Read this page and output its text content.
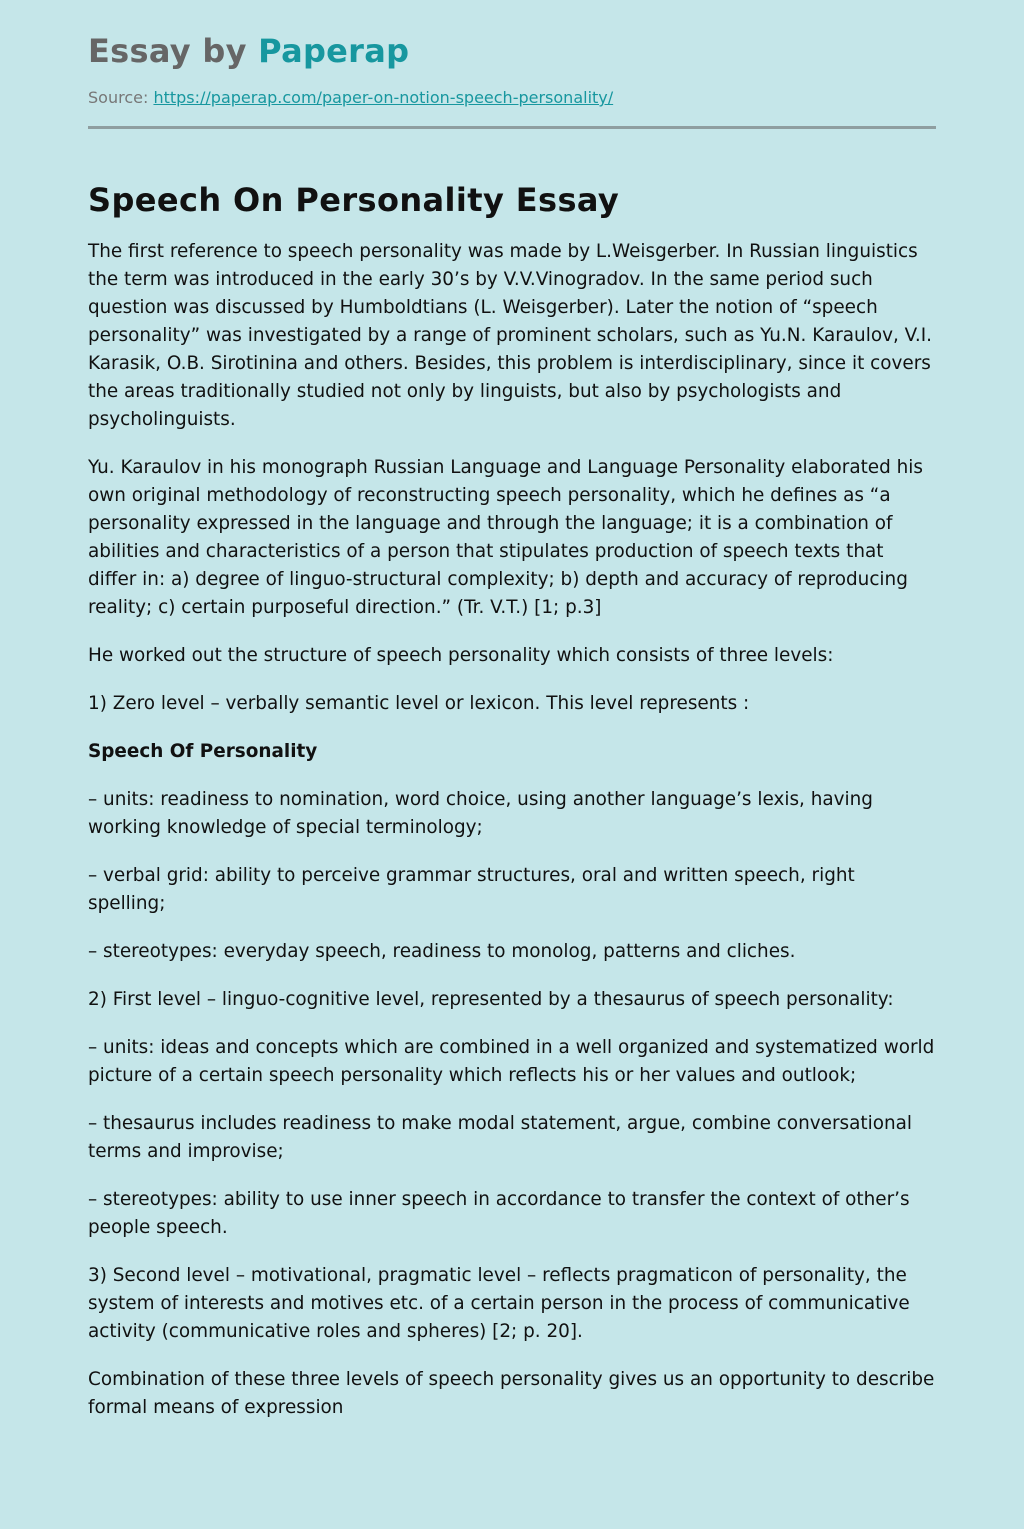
Essay by Paperap
Source: https://paperap.com/paper-on-notion-speech-personality/
Speech On Personality Essay

The first reference to speech personality was made by L.Weisgerber. In Russian linguistics the term was introduced in the early 30’s by V.V.Vinogradov. In the same period such question was discussed by Humboldtians (L. Weisgerber). Later the notion of “speech personality” was investigated by a range of prominent scholars, such as Yu.N. Karaulov, V.I. Karasik, O.B. Sirotinina and others. Besides, this problem is interdisciplinary, since it covers the areas traditionally studied not only by linguists, but also by psychologists and psycholinguists.

Yu. Karaulov in his monograph Russian Language and Language Personality elaborated his own original methodology of reconstructing speech personality, which he defines as “a personality expressed in the language and through the language; it is a combination of abilities and characteristics of a person that stipulates production of speech texts that differ in: a) degree of linguo-structural complexity; b) depth and accuracy of reproducing reality; c) certain purposeful direction.” (Tr. V.T.) [1; p.3]

He worked out the structure of speech personality which consists of three levels:

1) Zero level – verbally semantic level or lexicon. This level represents :

Speech Of Personality

– units: readiness to nomination, word choice, using another language’s lexis, having working knowledge of special terminology;

– verbal grid: ability to perceive grammar structures, oral and written speech, right spelling;

– stereotypes: everyday speech, readiness to monolog, patterns and cliches.

2) First level – linguo-cognitive level, represented by a thesaurus of speech personality:

– units: ideas and concepts which are combined in a well organized and systematized world picture of a certain speech personality which reflects his or her values and outlook;

– thesaurus includes readiness to make modal statement, argue, combine conversational terms and improvise;

– stereotypes: ability to use inner speech in accordance to transfer the context of other’s people speech.

3) Second level – motivational, pragmatic level – reflects pragmaticon of personality, the system of interests and motives etc. of a certain person in the process of communicative activity (communicative roles and spheres) [2; p. 20].

Combination of these three levels of speech personality gives us an opportunity to describe formal means of expression
